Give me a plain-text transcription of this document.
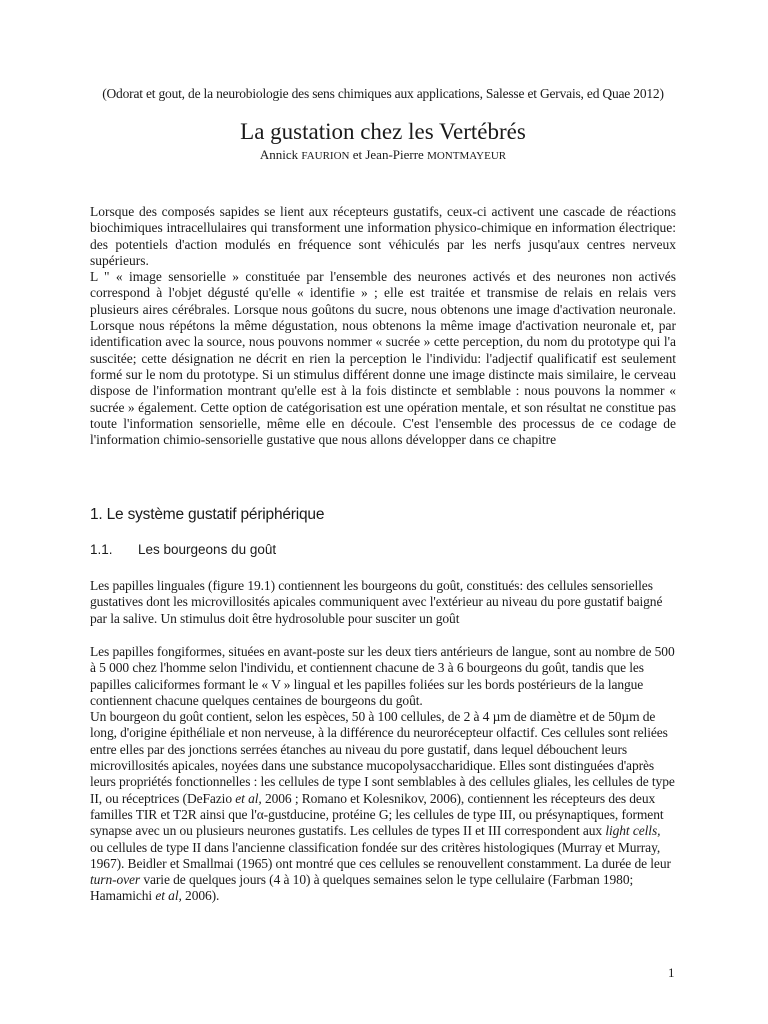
(Odorat et gout, de la neurobiologie des sens chimiques aux applications, Salesse et Gervais, ed Quae 2012)
La gustation chez les Vertébrés
Annick FAURION et Jean-Pierre MONTMAYEUR

Lorsque des composés sapides se lient aux récepteurs gustatifs, ceux-ci activent une cascade de réactions biochimiques intracellulaires qui transforment une information physico-chimique en information électrique: des potentiels d'action modulés en fréquence sont véhiculés par les nerfs jusqu'aux centres nerveux supérieurs.

L " « image sensorielle » constituée par l'ensemble des neurones activés et des neurones non activés correspond à l'objet dégusté qu'elle « identifie » ; elle est traitée et transmise de relais en relais vers plusieurs aires cérébrales. Lorsque nous goûtons du sucre, nous obtenons une image d'activation neuronale. Lorsque nous répétons la même dégustation, nous obtenons la même image d'activation neuronale et, par identification avec la source, nous pouvons nommer « sucrée » cette perception, du nom du prototype qui l'a suscitée; cette désignation ne décrit en rien la perception le l'individu: l'adjectif qualificatif est seulement formé sur le nom du prototype. Si un stimulus différent donne une image distincte mais similaire, le cerveau dispose de l'information montrant qu'elle est à la fois distincte et semblable : nous pouvons la nommer « sucrée » également. Cette option de catégorisation est une opération mentale, et son résultat ne constitue pas toute l'information sensorielle, même elle en découle. C'est l'ensemble des processus de ce codage de l'information chimio-sensorielle gustative que nous allons développer dans ce chapitre

1. Le système gustatif périphérique
1.1. Les bourgeons du goût

Les papilles linguales (figure 19.1) contiennent les bourgeons du goût, constitués: des cellules sensorielles gustatives dont les microvillosités apicales communiquent avec l'extérieur au niveau du pore gustatif baigné par la salive. Un stimulus doit être hydrosoluble pour susciter un goût

Les papilles fongiformes, situées en avant-poste sur les deux tiers antérieurs de langue, sont au nombre de 500 à 5 000 chez l'homme selon l'individu, et contiennent chacune de 3 à 6 bourgeons du goût, tandis que les papilles caliciformes formant le « V » lingual et les papilles foliées sur les bords postérieurs de la langue contiennent chacune quelques centaines de bourgeons du goût.

Un bourgeon du goût contient, selon les espèces, 50 à 100 cellules, de 2 à 4 µm de diamètre et de 50µm de long, d'origine épithéliale et non nerveuse, à la différence du neurorécepteur olfactif. Ces cellules sont reliées entre elles par des jonctions serrées étanches au niveau du pore gustatif, dans lequel débouchent leurs microvillosités apicales, noyées dans une substance mucopolysaccharidique. Elles sont distinguées d'après leurs propriétés fonctionnelles : les cellules de type I sont semblables à des cellules gliales, les cellules de type II, ou réceptrices (DeFazio et al, 2006 ; Romano et Kolesnikov, 2006), contiennent les récepteurs des deux familles TIR et T2R ainsi que l'α-gustducine, protéine G; les cellules de type III, ou présynaptiques, forment synapse avec un ou plusieurs neurones gustatifs. Les cellules de types II et III correspondent aux light cells, ou cellules de type II dans l'ancienne classification fondée sur des critères histologiques (Murray et Murray, 1967). Beidler et Smallmai (1965) ont montré que ces cellules se renouvellent constamment. La durée de leur turn-over varie de quelques jours (4 à 10) à quelques semaines selon le type cellulaire (Farbman 1980; Hamamichi et al, 2006).

1
